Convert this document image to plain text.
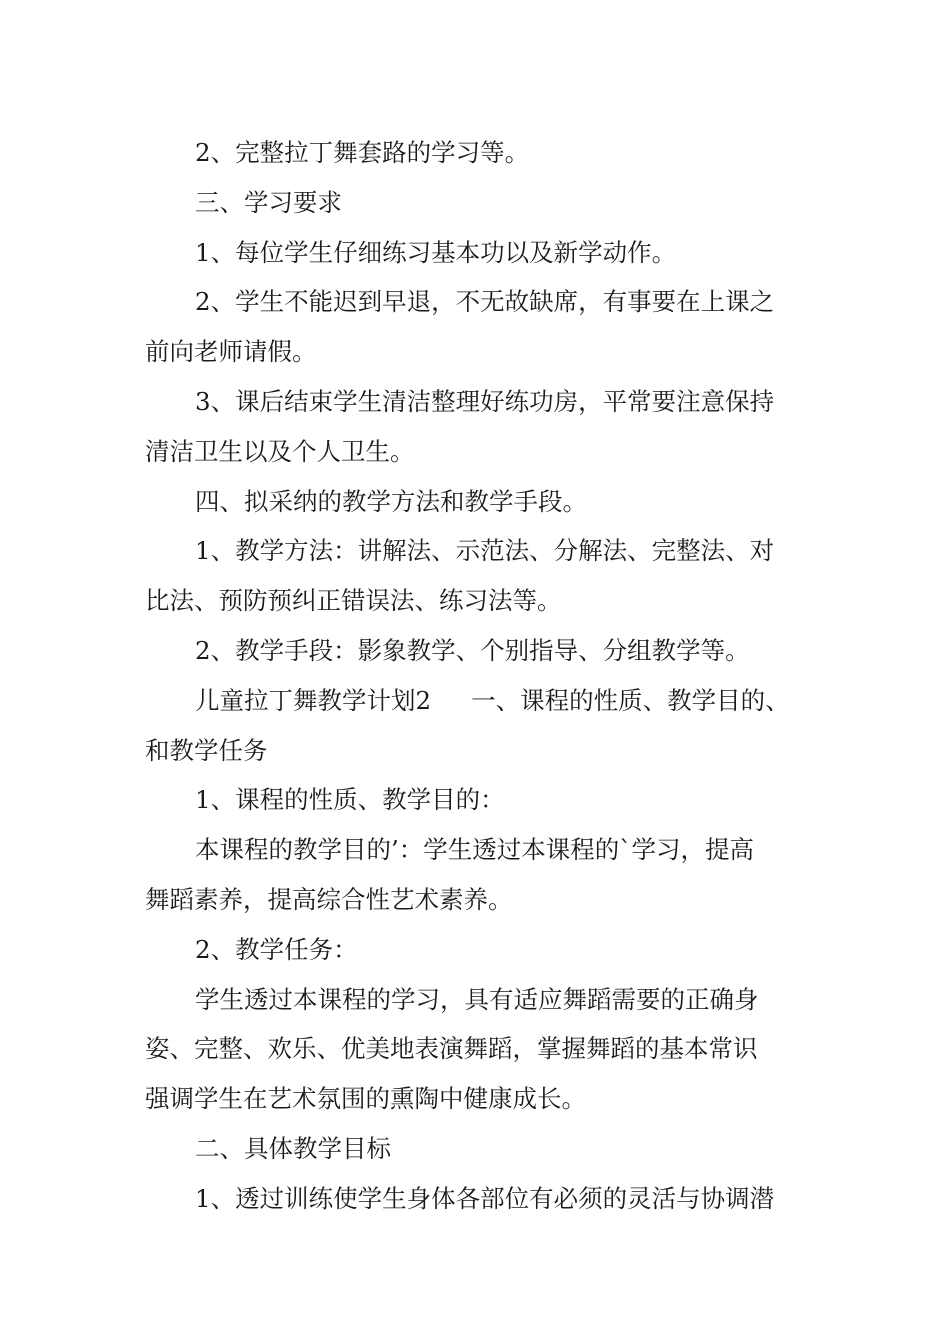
2、完整拉丁舞套路的学习等。

三、学习要求

1、每位学生仔细练习基本功以及新学动作。

2、学生不能迟到早退，不无故缺席，有事要在上课之

前向老师请假。

3、课后结束学生清洁整理好练功房，平常要注意保持

清洁卫生以及个人卫生。

四、拟采纳的教学方法和教学手段。

1、教学方法：讲解法、示范法、分解法、完整法、对

比法、预防预纠正错误法、练习法等。

2、教学手段：影象教学、个别指导、分组教学等。

儿童拉丁舞教学计划2 一、课程的性质、教学目的、

和教学任务

1、课程的性质、教学目的：

本课程的教学目的’：学生透过本课程的`学习，提高

舞蹈素养，提高综合性艺术素养。

2、教学任务：

学生透过本课程的学习，具有适应舞蹈需要的正确身

姿、完整、欢乐、优美地表演舞蹈，掌握舞蹈的基本常识

强调学生在艺术氛围的熏陶中健康成长。

二、具体教学目标

1、透过训练使学生身体各部位有必须的灵活与协调潜
